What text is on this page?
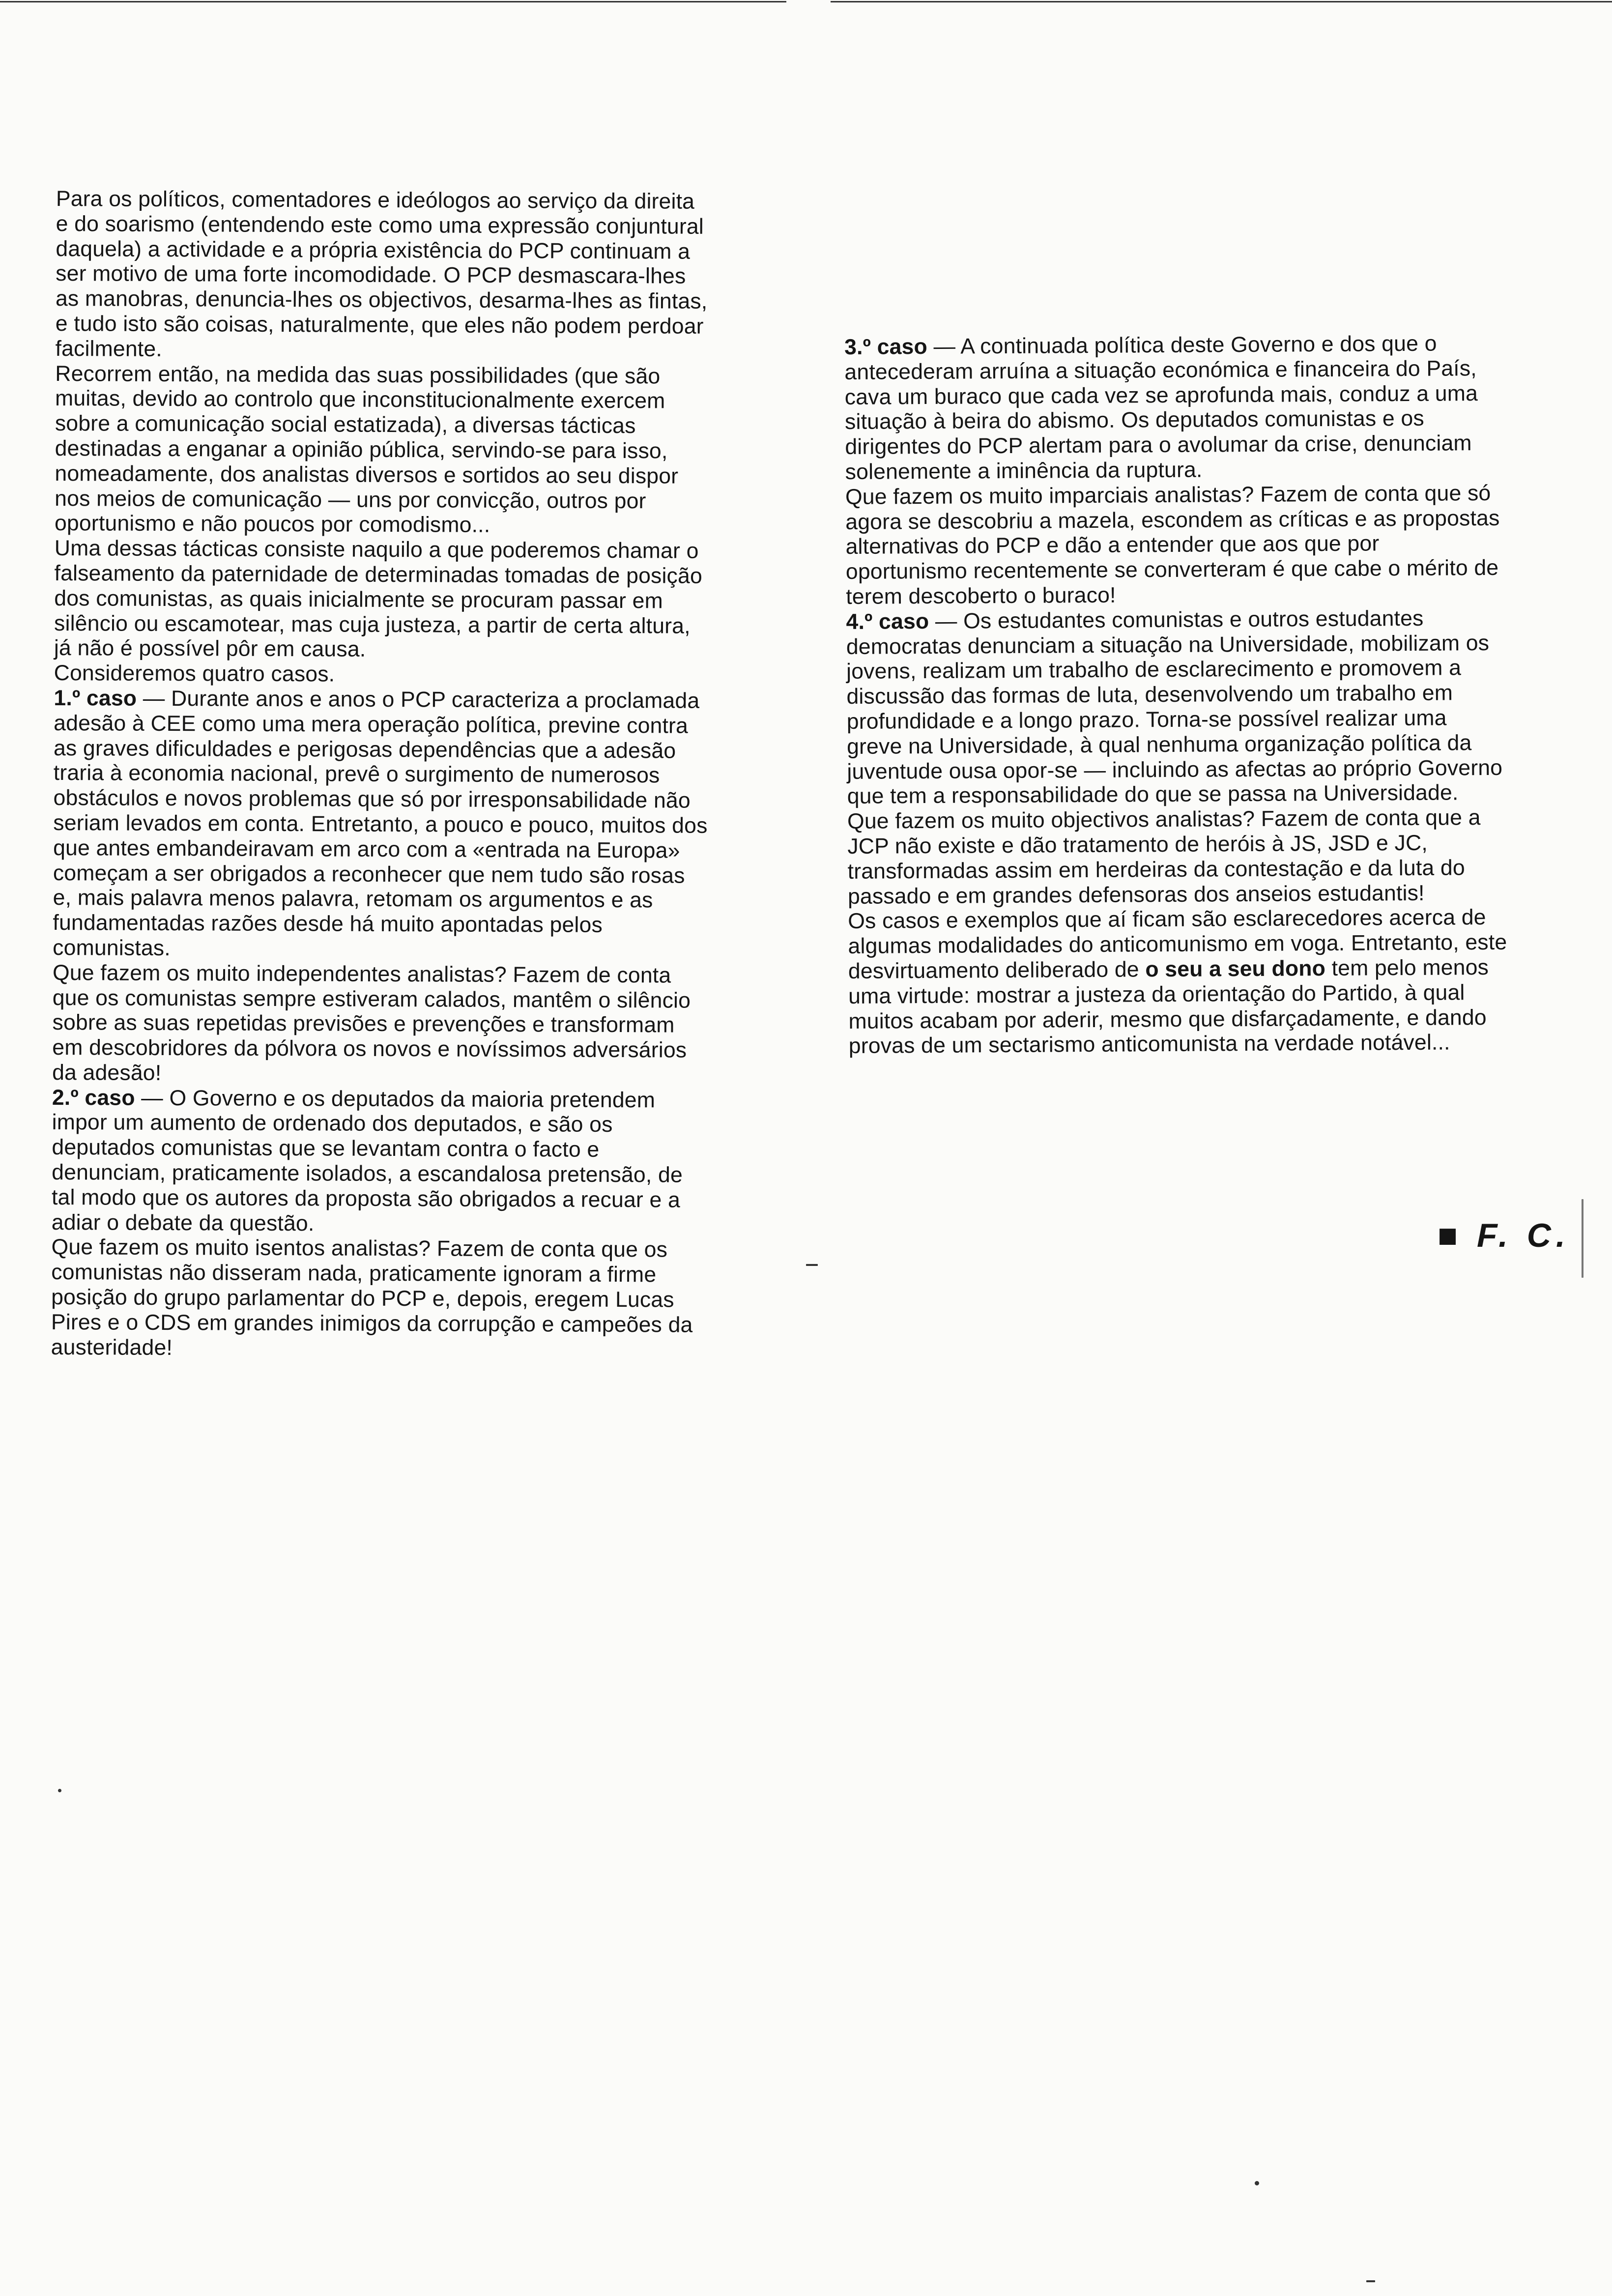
Para os políticos, comentadores e ideólogos ao serviço da direita
e do soarismo (entendendo este como uma expressão conjuntural
daquela) a actividade e a própria existência do PCP continuam a
ser motivo de uma forte incomodidade. O PCP desmascara-lhes
as manobras, denuncia-lhes os objectivos, desarma-lhes as fintas,
e tudo isto são coisas, naturalmente, que eles não podem perdoar
facilmente.

Recorrem então, na medida das suas possibilidades (que são
muitas, devido ao controlo que inconstitucionalmente exercem
sobre a comunicação social estatizada), a diversas tácticas
destinadas a enganar a opinião pública, servindo-se para isso,
nomeadamente, dos analistas diversos e sortidos ao seu dispor
nos meios de comunicação — uns por convicção, outros por
oportunismo e não poucos por comodismo...

Uma dessas tácticas consiste naquilo a que poderemos chamar o
falseamento da paternidade de determinadas tomadas de posição
dos comunistas, as quais inicialmente se procuram passar em
silêncio ou escamotear, mas cuja justeza, a partir de certa altura,
já não é possível pôr em causa.

Consideremos quatro casos.

1.º caso — Durante anos e anos o PCP caracteriza a proclamada
adesão à CEE como uma mera operação política, previne contra
as graves dificuldades e perigosas dependências que a adesão
traria à economia nacional, prevê o surgimento de numerosos
obstáculos e novos problemas que só por irresponsabilidade não
seriam levados em conta. Entretanto, a pouco e pouco, muitos dos
que antes embandeiravam em arco com a «entrada na Europa»
começam a ser obrigados a reconhecer que nem tudo são rosas
e, mais palavra menos palavra, retomam os argumentos e as
fundamentadas razões desde há muito apontadas pelos
comunistas.

Que fazem os muito independentes analistas? Fazem de conta
que os comunistas sempre estiveram calados, mantêm o silêncio
sobre as suas repetidas previsões e prevenções e transformam
em descobridores da pólvora os novos e novíssimos adversários
da adesão!

2.º caso — O Governo e os deputados da maioria pretendem
impor um aumento de ordenado dos deputados, e são os
deputados comunistas que se levantam contra o facto e
denunciam, praticamente isolados, a escandalosa pretensão, de
tal modo que os autores da proposta são obrigados a recuar e a
adiar o debate da questão.

Que fazem os muito isentos analistas? Fazem de conta que os
comunistas não disseram nada, praticamente ignoram a firme
posição do grupo parlamentar do PCP e, depois, eregem Lucas
Pires e o CDS em grandes inimigos da corrupção e campeões da
austeridade!

3.º caso — A continuada política deste Governo e dos que o
antecederam arruína a situação económica e financeira do País,
cava um buraco que cada vez se aprofunda mais, conduz a uma
situação à beira do abismo. Os deputados comunistas e os
dirigentes do PCP alertam para o avolumar da crise, denunciam
solenemente a iminência da ruptura.

Que fazem os muito imparciais analistas? Fazem de conta que só
agora se descobriu a mazela, escondem as críticas e as propostas
alternativas do PCP e dão a entender que aos que por
oportunismo recentemente se converteram é que cabe o mérito de
terem descoberto o buraco!

4.º caso — Os estudantes comunistas e outros estudantes
democratas denunciam a situação na Universidade, mobilizam os
jovens, realizam um trabalho de esclarecimento e promovem a
discussão das formas de luta, desenvolvendo um trabalho em
profundidade e a longo prazo. Torna-se possível realizar uma
greve na Universidade, à qual nenhuma organização política da
juventude ousa opor-se — incluindo as afectas ao próprio Governo
que tem a responsabilidade do que se passa na Universidade.

Que fazem os muito objectivos analistas? Fazem de conta que a
JCP não existe e dão tratamento de heróis à JS, JSD e JC,
transformadas assim em herdeiras da contestação e da luta do
passado e em grandes defensoras dos anseios estudantis!

Os casos e exemplos que aí ficam são esclarecedores acerca de
algumas modalidades do anticomunismo em voga. Entretanto, este
desvirtuamento deliberado de o seu a seu dono tem pelo menos
uma virtude: mostrar a justeza da orientação do Partido, à qual
muitos acabam por aderir, mesmo que disfarçadamente, e dando
provas de um sectarismo anticomunista na verdade notável...

■ F. C.
